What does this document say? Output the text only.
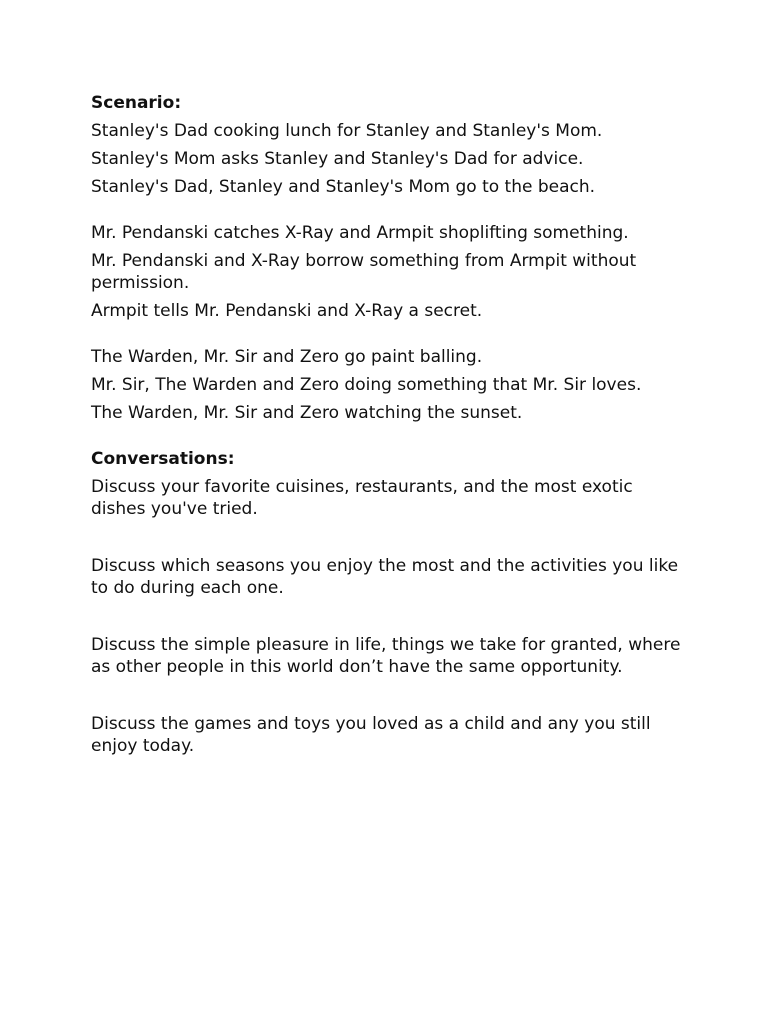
Scenario:
Stanley's Dad cooking lunch for Stanley and Stanley's Mom.
Stanley's Mom asks Stanley and Stanley's Dad for advice.
Stanley's Dad, Stanley and Stanley's Mom go to the beach.
Mr. Pendanski catches X-Ray and Armpit shoplifting something.
Mr. Pendanski and X-Ray borrow something from Armpit without permission.
Armpit tells Mr. Pendanski and X-Ray a secret.
The Warden, Mr. Sir and Zero go paint balling.
Mr. Sir, The Warden and Zero doing something that Mr. Sir loves.
The Warden, Mr. Sir and Zero watching the sunset.
Conversations:
Discuss your favorite cuisines, restaurants, and the most exotic dishes you've tried.
Discuss which seasons you enjoy the most and the activities you like to do during each one.
Discuss the simple pleasure in life, things we take for granted, where as other people in this world don’t have the same opportunity.
Discuss the games and toys you loved as a child and any you still enjoy today.
